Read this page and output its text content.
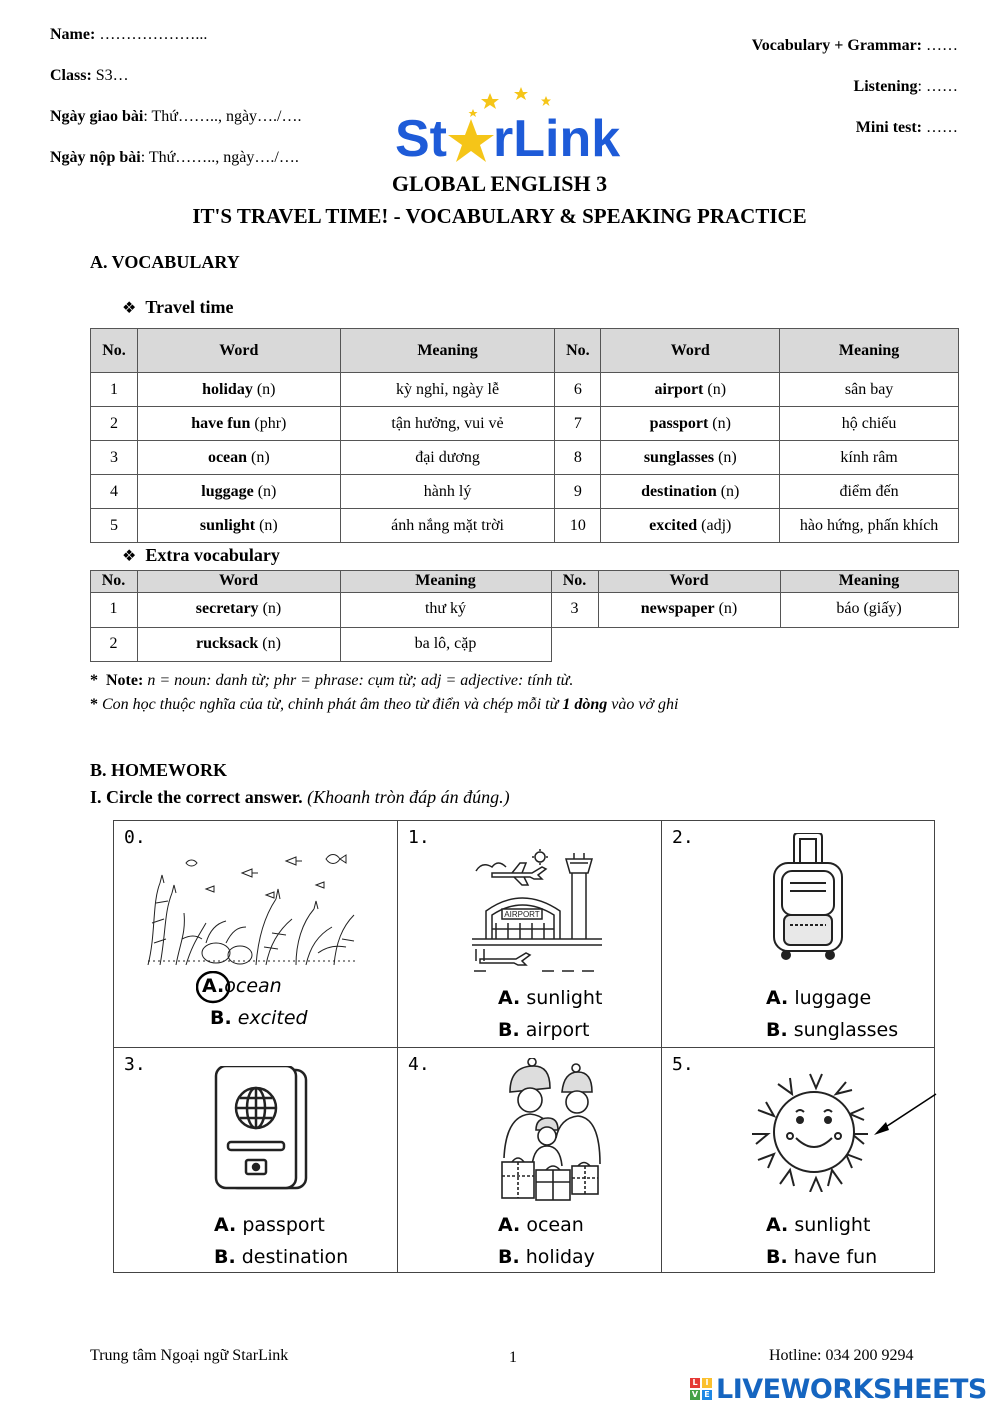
Name: ………………...
Class: S3…
Ngày giao bài: Thứ…….., ngày…./….
Ngày nộp bài: Thứ…….., ngày…./….
Vocabulary + Grammar: ……
Listening: ……
Mini test: ……
St rLink
GLOBAL ENGLISH 3
IT'S TRAVEL TIME! - VOCABULARY & SPEAKING PRACTICE
A. VOCABULARY
❖ Travel time
No.	Word	Meaning	No.	Word	Meaning
1	holiday (n)	kỳ nghỉ, ngày lễ	6	airport (n)	sân bay
2	have fun (phr)	tận hưởng, vui vẻ	7	passport (n)	hộ chiếu
3	ocean (n)	đại dương	8	sunglasses (n)	kính râm
4	luggage (n)	hành lý	9	destination (n)	điểm đến
5	sunlight (n)	ánh nắng mặt trời	10	excited (adj)	hào hứng, phấn khích
❖ Extra vocabulary
No.	Word	Meaning	No.	Word	Meaning
1	secretary (n)	thư ký	3	newspaper (n)	báo (giấy)
2	rucksack (n)	ba lô, cặp
* Note: n = noun: danh từ; phr = phrase: cụm từ; adj = adjective: tính từ.
* Con học thuộc nghĩa của từ, chỉnh phát âm theo từ điển và chép mỗi từ 1 dòng vào vở ghi
B. HOMEWORK
I. Circle the correct answer. (Khoanh tròn đáp án đúng.)
0.
A.ocean
B. excited
1.
AIRPORT
A. sunlight
B. airport
2.
A. luggage
B. sunglasses
3.
A. passport
B. destination
4.
A. ocean
B. holiday
5.
A. sunlight
B. have fun
Trung tâm Ngoại ngữ StarLink	1	Hotline: 034 200 9294
L I
V E LIVEWORKSHEETS
